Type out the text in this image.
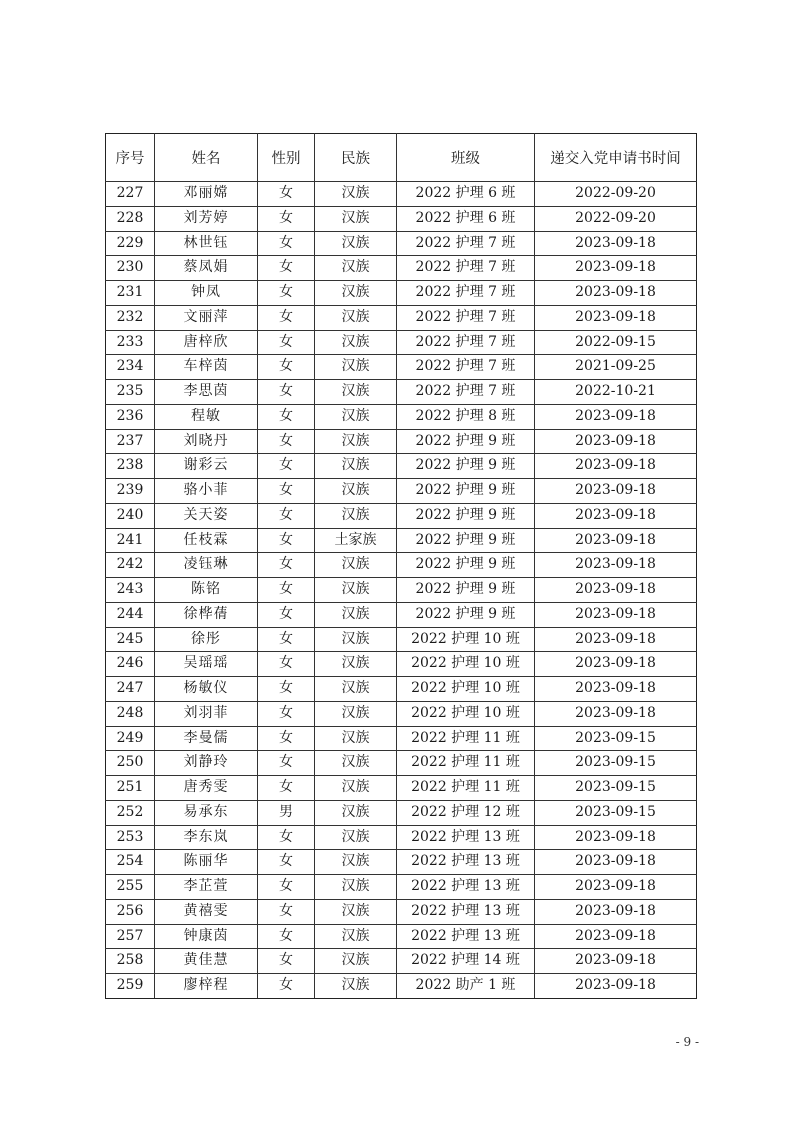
序号	姓名	性别	民族	班级	递交入党申请书时间
227	邓丽嫦	女	汉族	2022 护理 6 班	2022-09-20
228	刘芳婷	女	汉族	2022 护理 6 班	2022-09-20
229	林世钰	女	汉族	2022 护理 7 班	2023-09-18
230	蔡凤娟	女	汉族	2022 护理 7 班	2023-09-18
231	钟凤	女	汉族	2022 护理 7 班	2023-09-18
232	文丽萍	女	汉族	2022 护理 7 班	2023-09-18
233	唐梓欣	女	汉族	2022 护理 7 班	2022-09-15
234	车梓茵	女	汉族	2022 护理 7 班	2021-09-25
235	李思茵	女	汉族	2022 护理 7 班	2022-10-21
236	程敏	女	汉族	2022 护理 8 班	2023-09-18
237	刘晓丹	女	汉族	2022 护理 9 班	2023-09-18
238	谢彩云	女	汉族	2022 护理 9 班	2023-09-18
239	骆小菲	女	汉族	2022 护理 9 班	2023-09-18
240	关天姿	女	汉族	2022 护理 9 班	2023-09-18
241	任枝霖	女	土家族	2022 护理 9 班	2023-09-18
242	凌钰琳	女	汉族	2022 护理 9 班	2023-09-18
243	陈铭	女	汉族	2022 护理 9 班	2023-09-18
244	徐桦蒨	女	汉族	2022 护理 9 班	2023-09-18
245	徐彤	女	汉族	2022 护理 10 班	2023-09-18
246	吴瑶瑶	女	汉族	2022 护理 10 班	2023-09-18
247	杨敏仪	女	汉族	2022 护理 10 班	2023-09-18
248	刘羽菲	女	汉族	2022 护理 10 班	2023-09-18
249	李曼儒	女	汉族	2022 护理 11 班	2023-09-15
250	刘静玲	女	汉族	2022 护理 11 班	2023-09-15
251	唐秀雯	女	汉族	2022 护理 11 班	2023-09-15
252	易承东	男	汉族	2022 护理 12 班	2023-09-15
253	李东岚	女	汉族	2022 护理 13 班	2023-09-18
254	陈丽华	女	汉族	2022 护理 13 班	2023-09-18
255	李芷萱	女	汉族	2022 护理 13 班	2023-09-18
256	黄禧雯	女	汉族	2022 护理 13 班	2023-09-18
257	钟康茵	女	汉族	2022 护理 13 班	2023-09-18
258	黄佳慧	女	汉族	2022 护理 14 班	2023-09-18
259	廖梓程	女	汉族	2022 助产 1 班	2023-09-18
- 9 -
